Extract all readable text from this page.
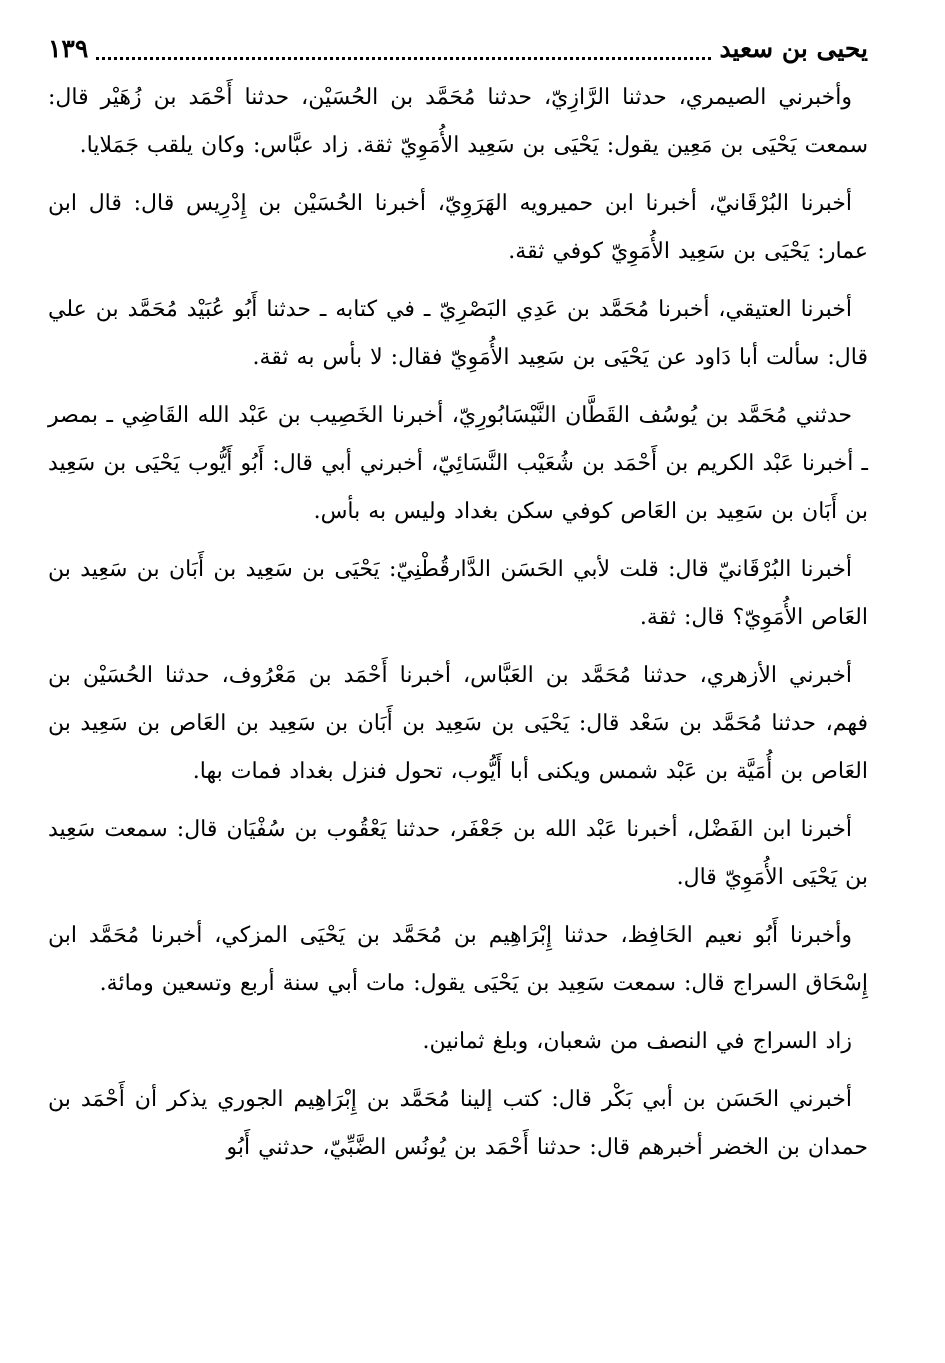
يحيى بن سعيد
١٣٩

وأخبرني الصيمري، حدثنا الرَّازِيّ، حدثنا مُحَمَّد بن الحُسَيْن، حدثنا أَحْمَد بن زُهَيْر قال: سمعت يَحْيَى بن مَعِين يقول: يَحْيَى بن سَعِيد الأُمَوِيّ ثقة. زاد عبَّاس: وكان يلقب جَمَلايا.

أخبرنا البُرْقَانيّ، أخبرنا ابن حميرويه الهَرَوِيّ، أخبرنا الحُسَيْن بن إِدْرِيس قال: قال ابن عمار: يَحْيَى بن سَعِيد الأُمَوِيّ كوفي ثقة.

أخبرنا العتيقي، أخبرنا مُحَمَّد بن عَدِي البَصْرِيّ ـ في كتابه ـ حدثنا أَبُو عُبَيْد مُحَمَّد بن علي قال: سألت أبا دَاود عن يَحْيَى بن سَعِيد الأُمَوِيّ فقال: لا بأس به ثقة.

حدثني مُحَمَّد بن يُوسُف القَطَّان النَّيْسَابُورِيّ، أخبرنا الخَصِيب بن عَبْد الله القَاضِي ـ بمصر ـ أخبرنا عَبْد الكريم بن أَحْمَد بن شُعَيْب النَّسَائِيّ، أخبرني أبي قال: أَبُو أَيُّوب يَحْيَى بن سَعِيد بن أَبَان بن سَعِيد بن العَاص كوفي سكن بغداد وليس به بأس.

أخبرنا البُرْقَانيّ قال: قلت لأبي الحَسَن الدَّارقُطْنِيّ: يَحْيَى بن سَعِيد بن أَبَان بن سَعِيد بن العَاص الأُمَوِيّ؟ قال: ثقة.

أخبرني الأزهري، حدثنا مُحَمَّد بن العَبَّاس، أخبرنا أَحْمَد بن مَعْرُوف، حدثنا الحُسَيْن بن فهم، حدثنا مُحَمَّد بن سَعْد قال: يَحْيَى بن سَعِيد بن أَبَان بن سَعِيد بن العَاص بن سَعِيد بن العَاص بن أُمَيَّة بن عَبْد شمس ويكنى أبا أَيُّوب، تحول فنزل بغداد فمات بها.

أخبرنا ابن الفَضْل، أخبرنا عَبْد الله بن جَعْفَر، حدثنا يَعْقُوب بن سُفْيَان قال: سمعت سَعِيد بن يَحْيَى الأُمَوِيّ قال.

وأخبرنا أَبُو نعيم الحَافِظ، حدثنا إِبْرَاهِيم بن مُحَمَّد بن يَحْيَى المزكي، أخبرنا مُحَمَّد ابن إِسْحَاق السراج قال: سمعت سَعِيد بن يَحْيَى يقول: مات أبي سنة أربع وتسعين ومائة.

زاد السراج في النصف من شعبان، وبلغ ثمانين.

أخبرني الحَسَن بن أبي بَكْر قال: كتب إلينا مُحَمَّد بن إِبْرَاهِيم الجوري يذكر أن أَحْمَد بن حمدان بن الخضر أخبرهم قال: حدثنا أَحْمَد بن يُونُس الضَّبِّيّ، حدثني أَبُو
